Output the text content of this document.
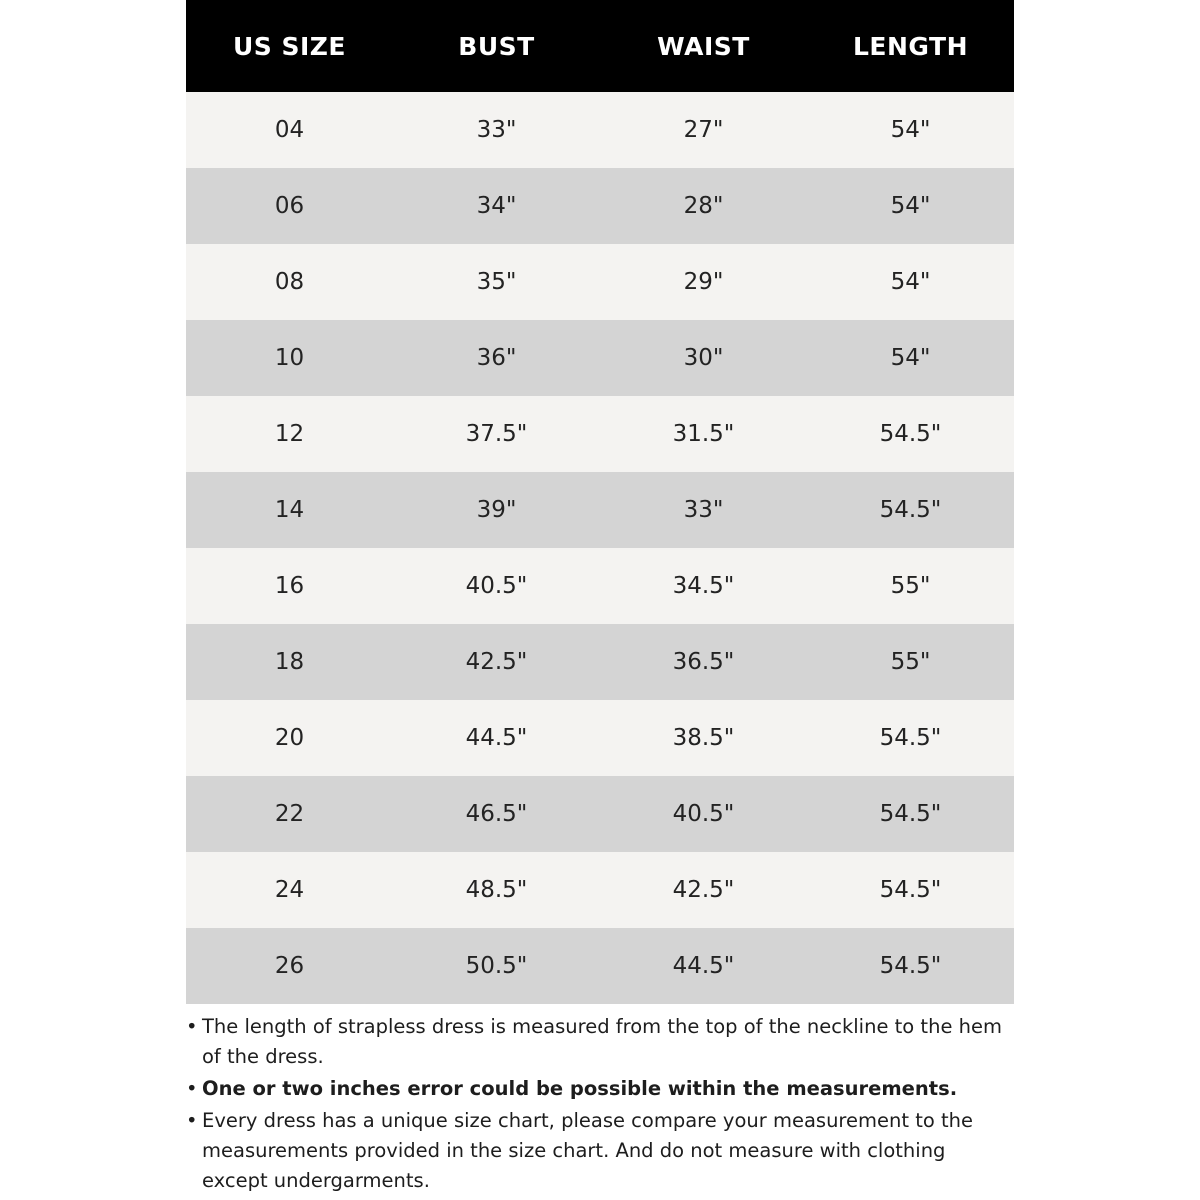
US SIZE	BUST	WAIST	LENGTH
04	33"	27"	54"
06	34"	28"	54"
08	35"	29"	54"
10	36"	30"	54"
12	37.5"	31.5"	54.5"
14	39"	33"	54.5"
16	40.5"	34.5"	55"
18	42.5"	36.5"	55"
20	44.5"	38.5"	54.5"
22	46.5"	40.5"	54.5"
24	48.5"	42.5"	54.5"
26	50.5"	44.5"	54.5"
• The length of strapless dress is measured from the top of the neckline to the hem of the dress.
• One or two inches error could be possible within the measurements.
• Every dress has a unique size chart, please compare your measurement to the measurements provided in the size chart. And do not measure with clothing except undergarments.
